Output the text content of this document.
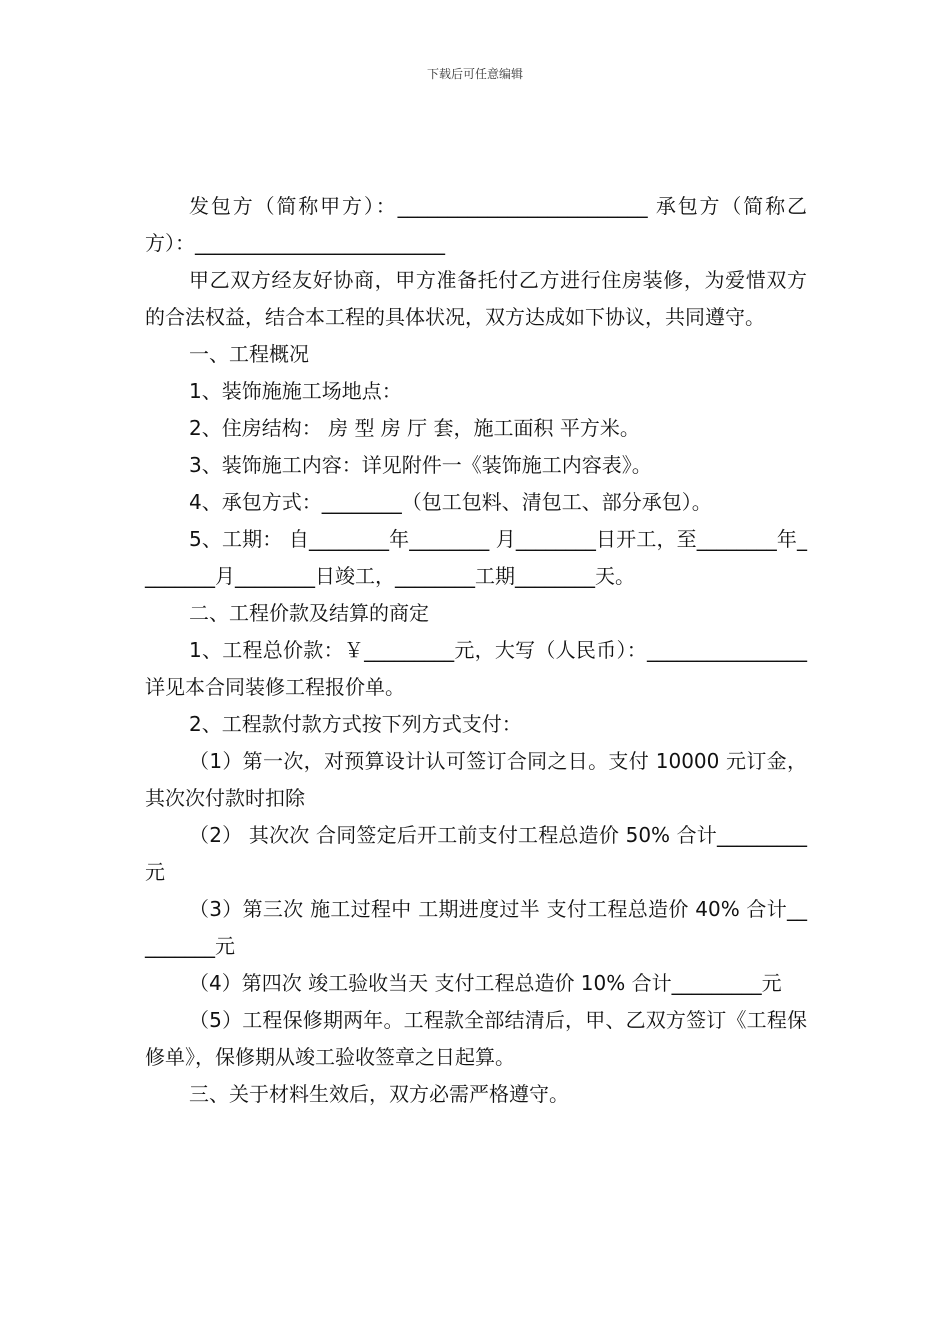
下载后可任意编辑

发包方（简称甲方）：_________________________ 承包方（简称乙方）：_________________________

甲乙双方经友好协商，甲方准备托付乙方进行住房装修，为爱惜双方的合法权益，结合本工程的具体状况，双方达成如下协议，共同遵守。

一、工程概况

1、装饰施施工场地点：

2、住房结构： 房 型 房 厅 套，施工面积 平方米。

3、装饰施工内容：详见附件一《装饰施工内容表》。

4、承包方式：________（包工包料、清包工、部分承包）。

5、工期： 自________年________ 月________日开工，至________年________月________日竣工，________工期________天。

二、工程价款及结算的商定

1、工程总价款：￥_________元，大写（人民币）：________________详见本合同装修工程报价单。

2、工程款付款方式按下列方式支付：

（1）第一次，对预算设计认可签订合同之日。支付 10000 元订金，其次次付款时扣除

（2） 其次次 合同签定后开工前支付工程总造价 50% 合计_________元

（3）第三次 施工过程中 工期进度过半 支付工程总造价 40% 合计_________元

（4）第四次 竣工验收当天 支付工程总造价 10% 合计_________元

（5）工程保修期两年。工程款全部结清后，甲、乙双方签订《工程保修单》，保修期从竣工验收签章之日起算。

三、关于材料生效后，双方必需严格遵守。
